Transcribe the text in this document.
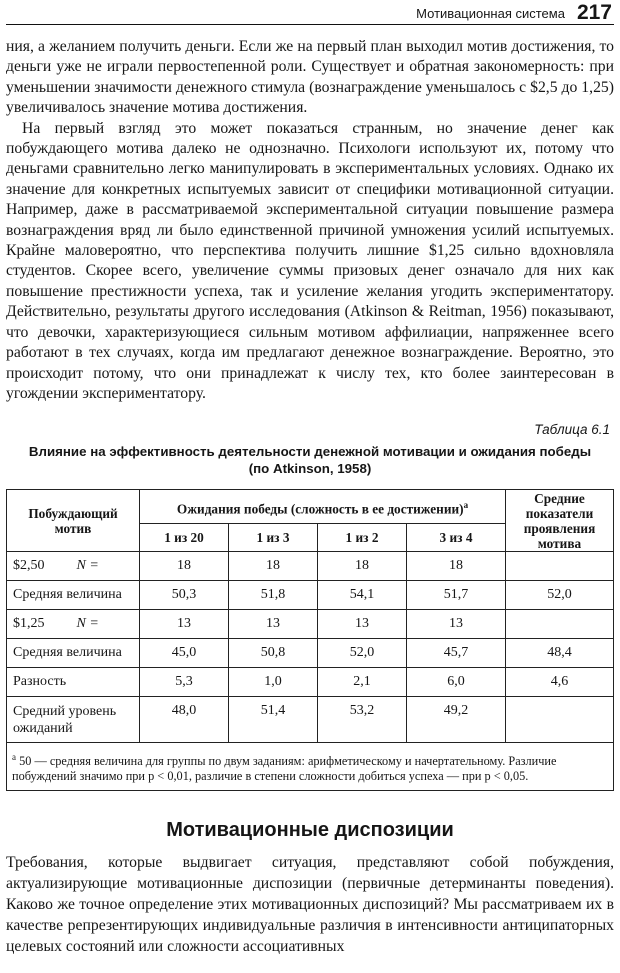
Мотивационная система 217

ния, а желанием получить деньги. Если же на первый план выходил мотив достижения, то деньги уже не играли первостепенной роли. Существует и обратная закономерность: при уменьшении значимости денежного стимула (вознаграждение уменьшалось с $2,5 до 1,25) увеличивалось значение мотива достижения.

На первый взгляд это может показаться странным, но значение денег как побуждающего мотива далеко не однозначно. Психологи используют их, потому что деньгами сравнительно легко манипулировать в экспериментальных условиях. Однако их значение для конкретных испытуемых зависит от специфики мотивационной ситуации. Например, даже в рассматриваемой экспериментальной ситуации повышение размера вознаграждения вряд ли было единственной причиной умножения усилий испытуемых. Крайне маловероятно, что перспектива получить лишние $1,25 сильно вдохновляла студентов. Скорее всего, увеличение суммы призовых денег означало для них как повышение престижности успеха, так и усиление желания угодить экспериментатору. Действительно, результаты другого исследования (Atkinson & Reitman, 1956) показывают, что девочки, характеризующиеся сильным мотивом аффилиации, напряженнее всего работают в тех случаях, когда им предлагают денежное вознаграждение. Вероятно, это происходит потому, что они принадлежат к числу тех, кто более заинтересован в угождении экспериментатору.

Таблица 6.1
Влияние на эффективность деятельности денежной мотивации и ожидания победы
(по Atkinson, 1958)
Побуждающий мотив	Ожидания победы (сложность в ее достижении)$^а$				Средние показатели проявления мотива
	1 из 20	1 из 3	1 из 2	3 из 4	
$2,50 N =	18	18	18	18	
Средняя величина	50,3	51,8	54,1	51,7	52,0
$1,25 N =	13	13	13	13	
Средняя величина	45,0	50,8	52,0	45,7	48,4
Разность	5,3	1,0	2,1	6,0	4,6
Средний уровень ожиданий	48,0	51,4	53,2	49,2	
$^а$ 50 — средняя величина для группы по двум заданиям: арифметическому и начертательному. Различие побуждений значимо при p < 0,01, различие в степени сложности добиться успеха — при p < 0,05.
Мотивационные диспозиции

Требования, которые выдвигает ситуация, представляют собой побуждения, актуализирующие мотивационные диспозиции (первичные детерминанты поведения). Каково же точное определение этих мотивационных диспозиций? Мы рассматриваем их в качестве репрезентирующих индивидуальные различия в интенсивности антиципаторных целевых состояний или сложности ассоциативных
